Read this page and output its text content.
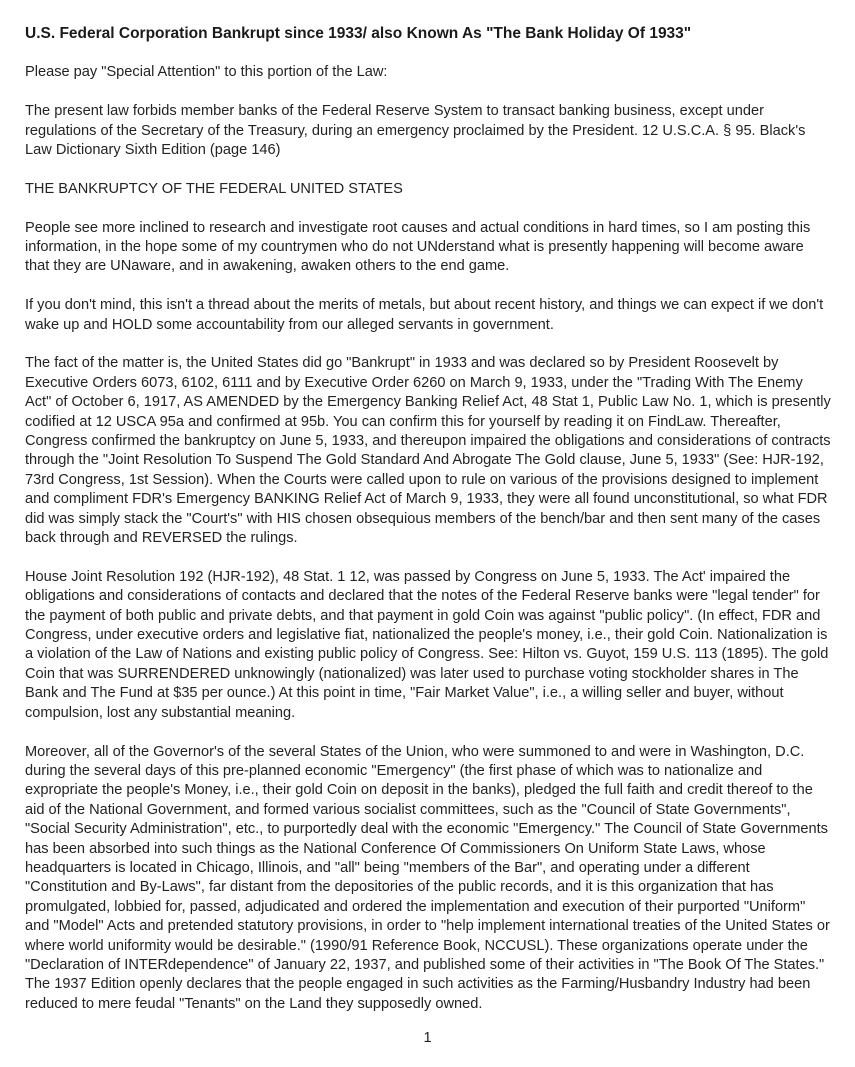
U.S. Federal Corporation Bankrupt since 1933/ also Known As "The Bank Holiday Of 1933"

Please pay "Special Attention" to this portion of the Law:

The present law forbids member banks of the Federal Reserve System to transact banking business, except under regulations of the Secretary of the Treasury, during an emergency proclaimed by the President. 12 U.S.C.A. § 95. Black's Law Dictionary Sixth Edition (page 146)

THE BANKRUPTCY OF THE FEDERAL UNITED STATES

People see more inclined to research and investigate root causes and actual conditions in hard times, so I am posting this information, in the hope some of my countrymen who do not UNderstand what is presently happening will become aware that they are UNaware, and in awakening, awaken others to the end game.

If you don't mind, this isn't a thread about the merits of metals, but about recent history, and things we can expect if we don't wake up and HOLD some accountability from our alleged servants in government.

The fact of the matter is, the United States did go "Bankrupt" in 1933 and was declared so by President Roosevelt by Executive Orders 6073, 6102, 6111 and by Executive Order 6260 on March 9, 1933, under the "Trading With The Enemy Act" of October 6, 1917, AS AMENDED by the Emergency Banking Relief Act, 48 Stat 1, Public Law No. 1, which is presently codified at 12 USCA 95a and confirmed at 95b. You can confirm this for yourself by reading it on FindLaw. Thereafter, Congress confirmed the bankruptcy on June 5, 1933, and thereupon impaired the obligations and considerations of contracts through the "Joint Resolution To Suspend The Gold Standard And Abrogate The Gold clause, June 5, 1933" (See: HJR-192, 73rd Congress, 1st Session). When the Courts were called upon to rule on various of the provisions designed to implement and compliment FDR's Emergency BANKING Relief Act of March 9, 1933, they were all found unconstitutional, so what FDR did was simply stack the "Court's" with HIS chosen obsequious members of the bench/bar and then sent many of the cases back through and REVERSED the rulings.

House Joint Resolution 192 (HJR-192), 48 Stat. 1 12, was passed by Congress on June 5, 1933. The Act' impaired the obligations and considerations of contacts and declared that the notes of the Federal Reserve banks were "legal tender" for the payment of both public and private debts, and that payment in gold Coin was against "public policy". (In effect, FDR and Congress, under executive orders and legislative fiat, nationalized the people's money, i.e., their gold Coin. Nationalization is a violation of the Law of Nations and existing public policy of Congress. See: Hilton vs. Guyot, 159 U.S. 113 (1895). The gold Coin that was SURRENDERED unknowingly (nationalized) was later used to purchase voting stockholder shares in The Bank and The Fund at $35 per ounce.) At this point in time, "Fair Market Value", i.e., a willing seller and buyer, without compulsion, lost any substantial meaning.

Moreover, all of the Governor's of the several States of the Union, who were summoned to and were in Washington, D.C. during the several days of this pre-planned economic "Emergency" (the first phase of which was to nationalize and expropriate the people's Money, i.e., their gold Coin on deposit in the banks), pledged the full faith and credit thereof to the aid of the National Government, and formed various socialist committees, such as the "Council of State Governments", "Social Security Administration", etc., to purportedly deal with the economic "Emergency." The Council of State Governments has been absorbed into such things as the National Conference Of Commissioners On Uniform State Laws, whose headquarters is located in Chicago, Illinois, and "all" being "members of the Bar", and operating under a different "Constitution and By-Laws", far distant from the depositories of the public records, and it is this organization that has promulgated, lobbied for, passed, adjudicated and ordered the implementation and execution of their purported "Uniform" and "Model" Acts and pretended statutory provisions, in order to "help implement international treaties of the United States or where world uniformity would be desirable." (1990/91 Reference Book, NCCUSL). These organizations operate under the "Declaration of INTERdependence" of January 22, 1937, and published some of their activities in "The Book Of The States." The 1937 Edition openly declares that the people engaged in such activities as the Farming/Husbandry Industry had been reduced to mere feudal "Tenants" on the Land they supposedly owned.

1
